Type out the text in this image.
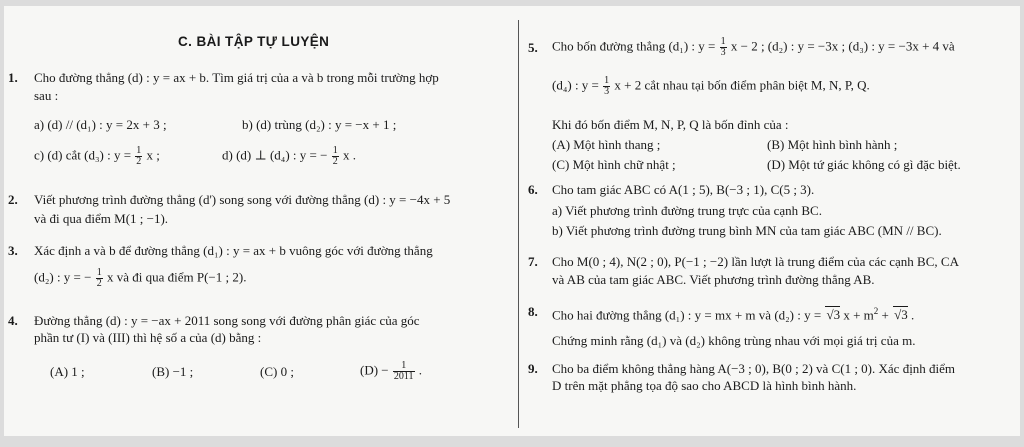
C. BÀI TẬP TỰ LUYỆN
1. Cho đường thẳng (d) : y = ax + b. Tìm giá trị của a và b trong mỗi trường hợp
sau :
a) (d) // (d₁) : y = 2x + 3 ;	b) (d) trùng (d₂) : y = −x + 1 ;
c) (d) cắt (d₃) : $y = \frac{1}{2}$ x ;	d) (d) ⊥ (d₄) : y = − $\frac{1}{2}$ x .
2. Viết phương trình đường thẳng (d') song song với đường thẳng (d) : y = −4x + 5
và đi qua điểm M(1 ; −1).
3. Xác định a và b để đường thẳng (d₁) : y = ax + b vuông góc với đường thẳng
(d₂) : y = − $\frac{1}{2}$ x và đi qua điểm P(−1 ; 2).
4. Đường thẳng (d) : y = −ax + 2011 song song với đường phân giác của góc
phần tư (I) và (III) thì hệ số a của (d) bằng :
(A) 1 ;	(B) −1 ;	(C) 0 ;	$(D) - \frac{1}{2011}$ .
5. Cho bốn đường thẳng (d₁) : $y = \frac{1}{3}$ x − 2 ; (d₂) : y = −3x ; (d₃) : y = −3x + 4 và
(d₄) : $y = \frac{1}{3}$ x + 2 cắt nhau tại bốn điểm phân biệt M, N, P, Q.
Khi đó bốn điểm M, N, P, Q là bốn đỉnh của :
(A) Một hình thang ;	(B) Một hình bình hành ;
(C) Một hình chữ nhật ;	(D) Một tứ giác không có gì đặc biệt.
6. Cho tam giác ABC có A(1 ; 5), B(−3 ; 1), C(5 ; 3).
a) Viết phương trình đường trung trực của cạnh BC.
b) Viết phương trình đường trung bình MN của tam giác ABC (MN // BC).
7. Cho M(0 ; 4), N(2 ; 0), P(−1 ; −2) lần lượt là trung điểm của các cạnh BC, CA
và AB của tam giác ABC. Viết phương trình đường thẳng AB.
8. Cho hai đường thẳng (d₁) : y = mx + m và (d₂) : y = √3 $x + m^2 + √3$ .
Chứng minh rằng (d₁) và (d₂) không trùng nhau với mọi giá trị của m.
9. Cho ba điểm không thẳng hàng A(−3 ; 0), B(0 ; 2) và C(1 ; 0). Xác định điểm
D trên mặt phẳng tọa độ sao cho ABCD là hình bình hành.
